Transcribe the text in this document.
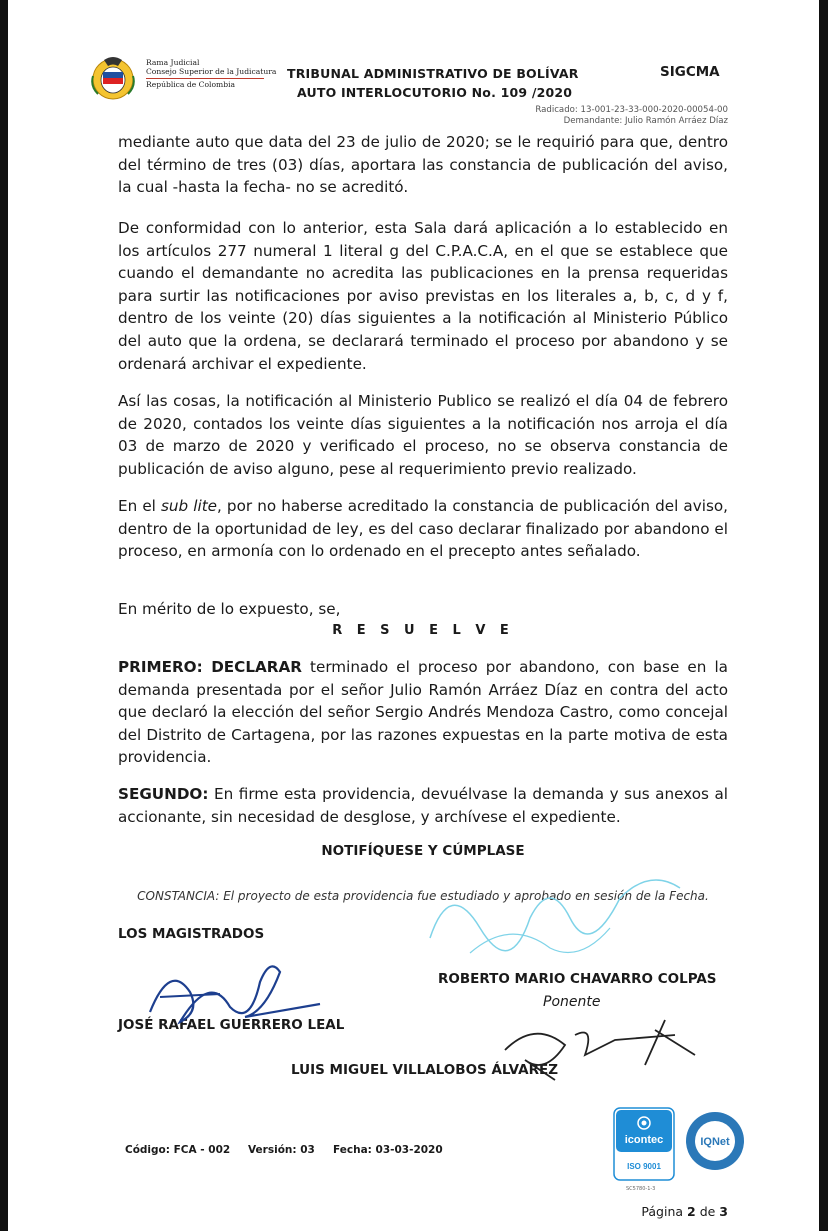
Rama Judicial
Consejo Superior de la Judicatura
República de Colombia
TRIBUNAL ADMINISTRATIVO DE BOLÍVAR
AUTO INTERLOCUTORIO No. 109 /2020
SIGCMA
Radicado: 13-001-23-33-000-2020-00054-00
Demandante: Julio Ramón Arráez Díaz
mediante auto que data del 23 de julio de 2020; se le requirió para que, dentro del término de tres (03) días, aportara las constancia de publicación del aviso, la cual -hasta la fecha- no se acreditó.
De conformidad con lo anterior, esta Sala dará aplicación a lo establecido en los artículos 277 numeral 1 literal g del C.P.A.C.A, en el que se establece que cuando el demandante no acredita las publicaciones en la prensa requeridas para surtir las notificaciones por aviso previstas en los literales a, b, c, d y f, dentro de los veinte (20) días siguientes a la notificación al Ministerio Público del auto que la ordena, se declarará terminado el proceso por abandono y se ordenará archivar el expediente.
Así las cosas, la notificación al Ministerio Publico se realizó el día 04 de febrero de 2020, contados los veinte días siguientes a la notificación nos arroja el día 03 de marzo de 2020 y verificado el proceso, no se observa constancia de publicación de aviso alguno, pese al requerimiento previo realizado.
En el sub lite, por no haberse acreditado la constancia de publicación del aviso, dentro de la oportunidad de ley, es del caso declarar finalizado por abandono el proceso, en armonía con lo ordenado en el precepto antes señalado.
En mérito de lo expuesto, se,
R E S U E L V E
PRIMERO: DECLARAR terminado el proceso por abandono, con base en la demanda presentada por el señor Julio Ramón Arráez Díaz en contra del acto que declaró la elección del señor Sergio Andrés Mendoza Castro, como concejal del Distrito de Cartagena, por las razones expuestas en la parte motiva de esta providencia.
SEGUNDO: En firme esta providencia, devuélvase la demanda y sus anexos al accionante, sin necesidad de desglose, y archívese el expediente.
NOTIFÍQUESE Y CÚMPLASE
CONSTANCIA: El proyecto de esta providencia fue estudiado y aprobado en sesión de la Fecha.
LOS MAGISTRADOS
ROBERTO MARIO CHAVARRO COLPAS
Ponente
JOSÉ RAFAEL GUERRERO LEAL
LUIS MIGUEL VILLALOBOS ÁLVAREZ
Código: FCA - 002 Versión: 03 Fecha: 03-03-2020
icontec
ISO 9001
IQNet
SC5780-1-3
Página 2 de 3
